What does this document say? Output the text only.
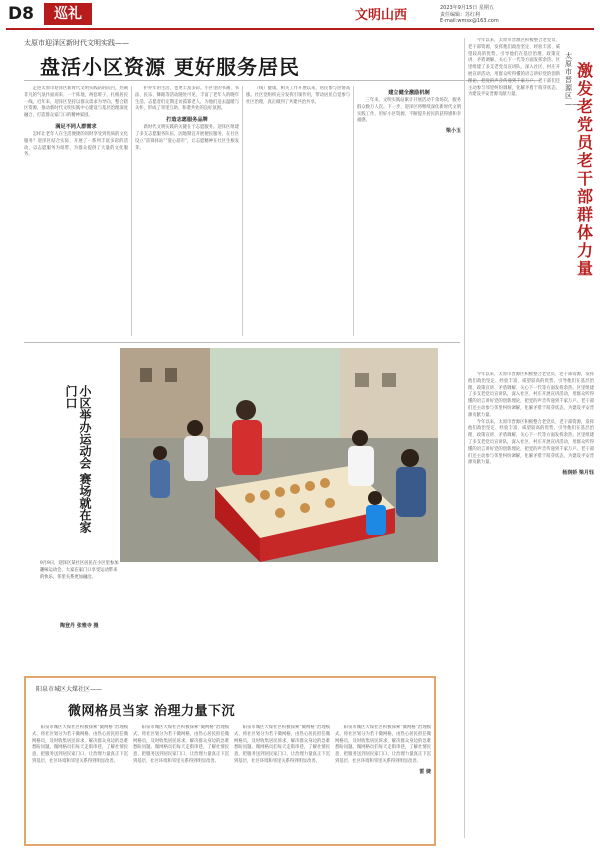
D8	巡礼	文明山西	2023年9月15日 星期五
责任编辑：苏红利
E-mail:wmsx@163.com
太原市迎泽区新时代文明实践——
盘活小区资源 更好服务居民

走进太原市迎泽区新时代文明实践站的院内，热闹非凡的气氛扑面而来。一个阵地，两套班子，扎根居民一线。近年来，迎泽区坚持以群众需求为导向，整合辖区资源，推动新时代文明实践中心建设与基层治理深度融合，打造群众家门口的精神家园。

满足不同人群需求

怎样让老年人在生活便捷的同时享受到优质的文化服务？迎泽区结合实际，开展了一系列丰富多彩的活动，以志愿服务为纽带，为群众提供了大量的文化服务。

护办年的生活，也更丰富多彩。小区里的书画、书法、民乐、舞蹈等活动随处可见，丰富了老年人的晚年生活。志愿者们定期走访孤寡老人，为他们送去温暖与关怀，形成了邻里互助、和谐共处的良好氛围。

打造志愿服务品牌

新时代文明实践的关键在于志愿服务。迎泽区组建了多支志愿服务队伍，因地制宜开展便民服务，在社区设立“雷锋驿站”“爱心超市”，让志愿精神在社区生根发芽。

（线）健康，相关工作开展以来，居民参与热情高涨。社区党组织充分发挥引领作用，带动居民自觉参与社区治理，真正做到了共建共治共享。

建立健全激励机制

三年来，文明实践站累计开展活动千余场次，服务群众数万人次。下一步，迎泽区将继续深化新时代文明实践工作，用好小区资源，不断提升居民的获得感和幸福感。

梁小玉

今年以来，太原市晋源区积极整合老党员、老干部资源，发挥他们政治坚定、经验丰富、威望较高的优势，引导他们在基层治理、政策宣讲、矛盾调解、关心下一代等方面发挥余热。区里组建了多支老党员宣讲队，深入社区、村庄开展宣讲活动，用群众听得懂的语言讲好党的创新理论，把党的声音传递到千家万户。老干部们还主动参与邻里纠纷调解，化解矛盾于萌芽状态，为建设平安晋源贡献力量。

太原市晋源区——
激发老党员老干部群体力量

今年以来，太原市晋源区积极整合老党员、老干部资源，发挥他们政治坚定、经验丰富、威望较高的优势，引导他们在基层治理、政策宣讲、矛盾调解、关心下一代等方面发挥余热。区里组建了多支老党员宣讲队，深入社区、村庄开展宣讲活动，用群众听得懂的语言讲好党的创新理论，把党的声音传递到千家万户。老干部们还主动参与邻里纠纷调解，化解矛盾于萌芽状态，为建设平安晋源贡献力量。

今年以来，太原市晋源区积极整合老党员、老干部资源，发挥他们政治坚定、经验丰富、威望较高的优势，引导他们在基层治理、政策宣讲、矛盾调解、关心下一代等方面发挥余热。区里组建了多支老党员宣讲队，深入社区、村庄开展宣讲活动，用群众听得懂的语言讲好党的创新理论，把党的声音传递到千家万户。老干部们还主动参与邻里纠纷调解，化解矛盾于萌芽状态，为建设平安晋源贡献力量。

杨润娇 梁月钰
小区举办运动会 赛场就在家门口
9月9日，迎泽区某社区居民在小区里参加趣味运动会，大家在家门口享受运动带来的快乐，邻里关系更加融洽。
陶登丹 张雅寺 摄
阳泉市城区大煤社区——
微网格员当家 治理力量下沉

阳泉市城区大煤社区积极探索“微网格”治理模式，将社区划分为若干微网格，由热心居民担任微网格员，及时收集居民诉求，解决群众身边的急难愁盼问题。微网格员们每天走街串巷，了解社情民意，把服务送到居民家门口，让治理力量真正下沉到基层，社区环境和邻里关系得到明显改善。

阳泉市城区大煤社区积极探索“微网格”治理模式，将社区划分为若干微网格，由热心居民担任微网格员，及时收集居民诉求，解决群众身边的急难愁盼问题。微网格员们每天走街串巷，了解社情民意，把服务送到居民家门口，让治理力量真正下沉到基层，社区环境和邻里关系得到明显改善。

阳泉市城区大煤社区积极探索“微网格”治理模式，将社区划分为若干微网格，由热心居民担任微网格员，及时收集居民诉求，解决群众身边的急难愁盼问题。微网格员们每天走街串巷，了解社情民意，把服务送到居民家门口，让治理力量真正下沉到基层，社区环境和邻里关系得到明显改善。

阳泉市城区大煤社区积极探索“微网格”治理模式，将社区划分为若干微网格，由热心居民担任微网格员，及时收集居民诉求，解决群众身边的急难愁盼问题。微网格员们每天走街串巷，了解社情民意，把服务送到居民家门口，让治理力量真正下沉到基层，社区环境和邻里关系得到明显改善。

雷 婕
